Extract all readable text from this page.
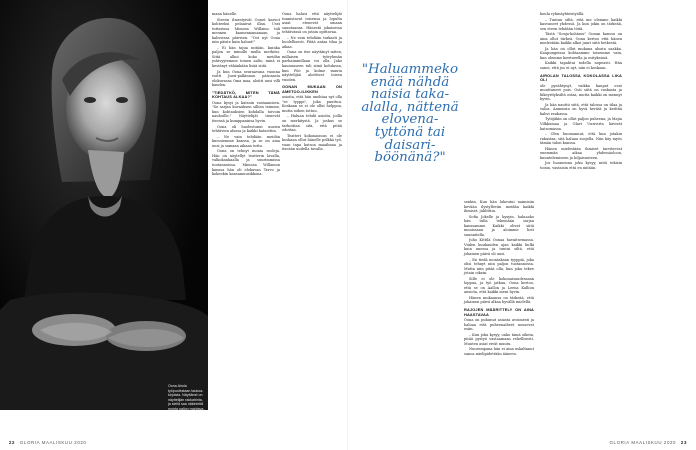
Oona Airola työpuolestaan taukoa-kirjoista. Näyttämö on näyttelijän rakkahinta, ja siellä saa näkinteltä monta paljon mahtava.

maan hänelle.

Steven ilmestyivät Oonet kasvot kohteeksi pelaaivat illan. Usei tuttarissa Mimosa Willamo tuli mennen kaunennamanaan ja kahviessa päivisen. "Oot nyt Oona niin päiste kuin haluat!"

– Ei hän tajua mitään, kuinka paljon se minulle mulla merkitsi. Siitä alkoi koko meidän ystävyytemme toinen aalto, minä ei kestänyt vähänkään lisää siitä.

Ja kun Oona seuraavana vuonna voitti Jussi-palkinnon pääosasta elokuvassa Oma maa, aloitti uusi villi kauden.

"TIEDÄTKÖ, MITEN TÄMÄ KOHTAUS ALKAA?"

Oona kysyi ja katsoin vastaamisen. "Se sarjan kuvauksen silloin teimme, kun kohtauksien kohdalla toivoin nauhoille." Näyttelijät tienevät itsensä ja kumppaninsa hyvin.

Oona oli huolestunut uusien tehtävien alussa ja kaikki katsottiin.

– Ne vain tehdään meidän kurssiemme kanssa, ja se on aina uusi ja samaan aikaan tuttu.

Oona on tehnyt monia rooleja. Hän on näytellyt teatterin lavalla, valkokankaalla ja suurimmissa tuotannoissa. Mimosa Willamon kanssa hän oli elokuvan Tervo ja kokeekin kansamuusikkona.

Oona halusi että näyttelijät tunnistavat toisensa ja lopulta asiat etenevät omaan suuntaansa. Hänestä jokaisessa tehtävässä on jotain opittavaa.

– Ne vain tehdään tarkasti ja huolellisesti. Pitää antaa tilaa ja aikaa.

Oona on itse näyttänyt miten, millaisen työryhmän parhaimmillaan voi olla. Jako kaunuaseen tuli siinä kohdassa, kun Pöö ja kolme muuta näyttelijää aloittivat toisen vuoden.

OONAN MUKAAN ON AMETOO-ILIKKEN

asioita, että hän unohtaa nyt olla "se tyyppi", joka puuttuu. Koskaan se ei ole ollut helppoa, mutta siihen tottuu.

– Haluan tehdä asioita, joilla on merkitystä. Ja joskus se tarkoittaa sitä, että pitää odottaa.

Teatteri kokonaisuus ei ole koskaan ollut hänelle pelkkä työ, vaan tapa katsoa maailmaa ja itseään uudella tavalla.

22 GLORIA MAALISKUU 2020
"Haluammeko enää nähdä naisia taka-alalla, nättenä elovena-tyttönä tai daisari-böönänä?"

senkin. Kun hän lukeutui naimisiin kevään ilystyllevän meidän kaikki ihmiset, juhlittiin.

Sofia Jokelle ja kysyin, haluaako hän tulla tekemään sarjaa kanssamme. Kaikki olivat siitä innoissaan ja aloimme heti suunnitella.

Juho Kittilä Oonaa havaitsemassa. Viiden kuukauden ajan kaikki kulki kuin unessa ja tuntui siltä, että jokainen päivä oli uusi.

– En tiedä montakaan tyyppiä, joka olisi tehnyt niin paljon tuotannossa. Mutta niin pitää olla, kun joku tekee jotain oikein.

Sille ei ole kokonaisuudessaan loppua, ja työ jatkuu. Oona kertoo, että se on Aallon ja Leena Kallion ansiota, että kaikki meni hyvin.

Hänen mukaansa on tärkeää, että jokainen päivä alkaa hyvällä mielellä.

RAJOJEN MÄÄRITTELY ON AINA HAASTAVAA

Oona on puhunut asiasta avoimesti ja haluaa että puheenaiheet nousevat esiin.

– Kun joku kysyy, onko tämä oikein, pitää pystyä vastaamaan rehellisesti. Muuten asiat eivät muutu.

Nuorempana hän ei aina uskaltanut sanoa mielipidettään ääneen.

koulu ryhmäyhteistyöllä.

– Tuntuu siltä, että me olemme kaikki kasvaneet yhdessä. Ja kun jokin on tärkeää, sen eteen tehdään töitä.

Tästä "Sonja-kohtaus" Oonan kanssa on aina ollut tärkeä. Oona kertoo että hänen mielestään kaikki alkoi juuri siitä hetkestä.

Ja hän on ollut mukana alusta saakka. Kaupungeissa kohtaamme toisemme vain, kun olemme kiertueella ja esityksissä.

Kaikki tapahtui todella nopeasti. Hän sanoi, että jos ei nyt, niin ei koskaan.

AIROLAN TALOSSA KOKOLASSA LIKA OLI

ole pysähtynyt, vaikka kaupat ovat muuttuneet pois. Osti siitä on raskasta ja liikeyrityksiltä ostaa, mutta kaikki on mennyt hyvin.

Ja hän nauttii siitä, että talossa on tilaa ja valoa. Aamuisin on hyvä herätä ja keittää kahvi rauhassa.

Tytöjäkin on ollut paljon puheena, ja Majia Vilkkumaa ja Olavi Uusivirta kävivät katsomassa.

– Olen huomannut, että kun jotakin rakastaa, sitä haluaa suojella. Niin käy myös tämän talon kanssa.

Hänen mielestään ihmiset tarvitsevat enemmän aikaa yhdessäoloon, kuuntelemiseen ja hiljaisuuteen.

Jos huomenna joku kysyy, mitä tekisin toisin, vastaisin että en mitään.

GLORIA MAALISKUU 2020 23
